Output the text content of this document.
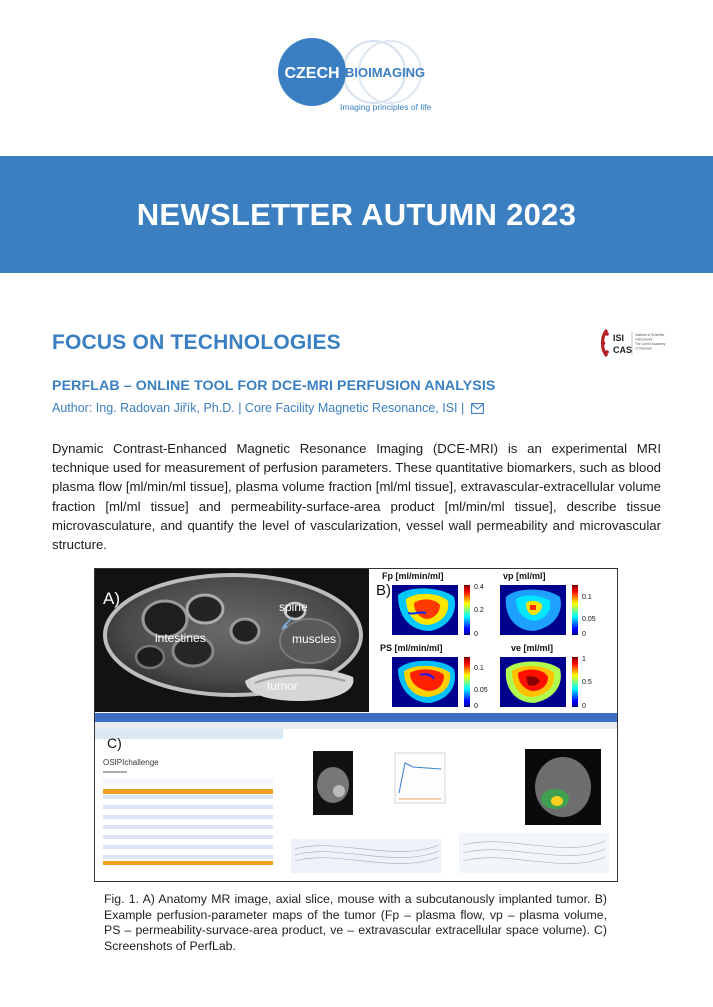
CZECH BIOIMAGING
Imaging principles of life
NEWSLETTER AUTUMN 2023
FOCUS ON TECHNOLOGIES	ISI
CAS
Institute of Scientific
Instruments
The Czech Academy
of Sciences
PERFLAB – ONLINE TOOL FOR DCE-MRI PERFUSION ANALYSIS
Author: Ing. Radovan Jiřík, Ph.D. | Core Facility Magnetic Resonance, ISI |
Dynamic Contrast-Enhanced Magnetic Resonance Imaging (DCE-MRI) is an experimental MRI technique used for measurement of perfusion parameters. These quantitative biomarkers, such as blood plasma flow [ml/min/ml tissue], plasma volume fraction [ml/ml tissue], extravascular-extracellular volume fraction [ml/ml tissue] and permeability-surface-area product [ml/min/ml tissue], describe tissue microvasculature, and quantify the level of vascularization, vessel wall permeability and microvascular structure.
A)	spine
intestines	muscles
tumor
B)
Fp [ml/min/ml]
0.4
0.2
0
vp [ml/ml]
0.1
0.05
0
PS [ml/min/ml]
0.1
0.05
0
ve [ml/ml]
1
0.5
0
OSIPIchallenge
C)
Fig. 1. A) Anatomy MR image, axial slice, mouse with a subcutanously implanted tumor. B) Example perfusion-parameter maps of the tumor (Fp – plasma flow, vp – plasma volume, PS – permeability-survace-area product, ve – extravascular extracellular space volume). C) Screenshots of PerfLab.
